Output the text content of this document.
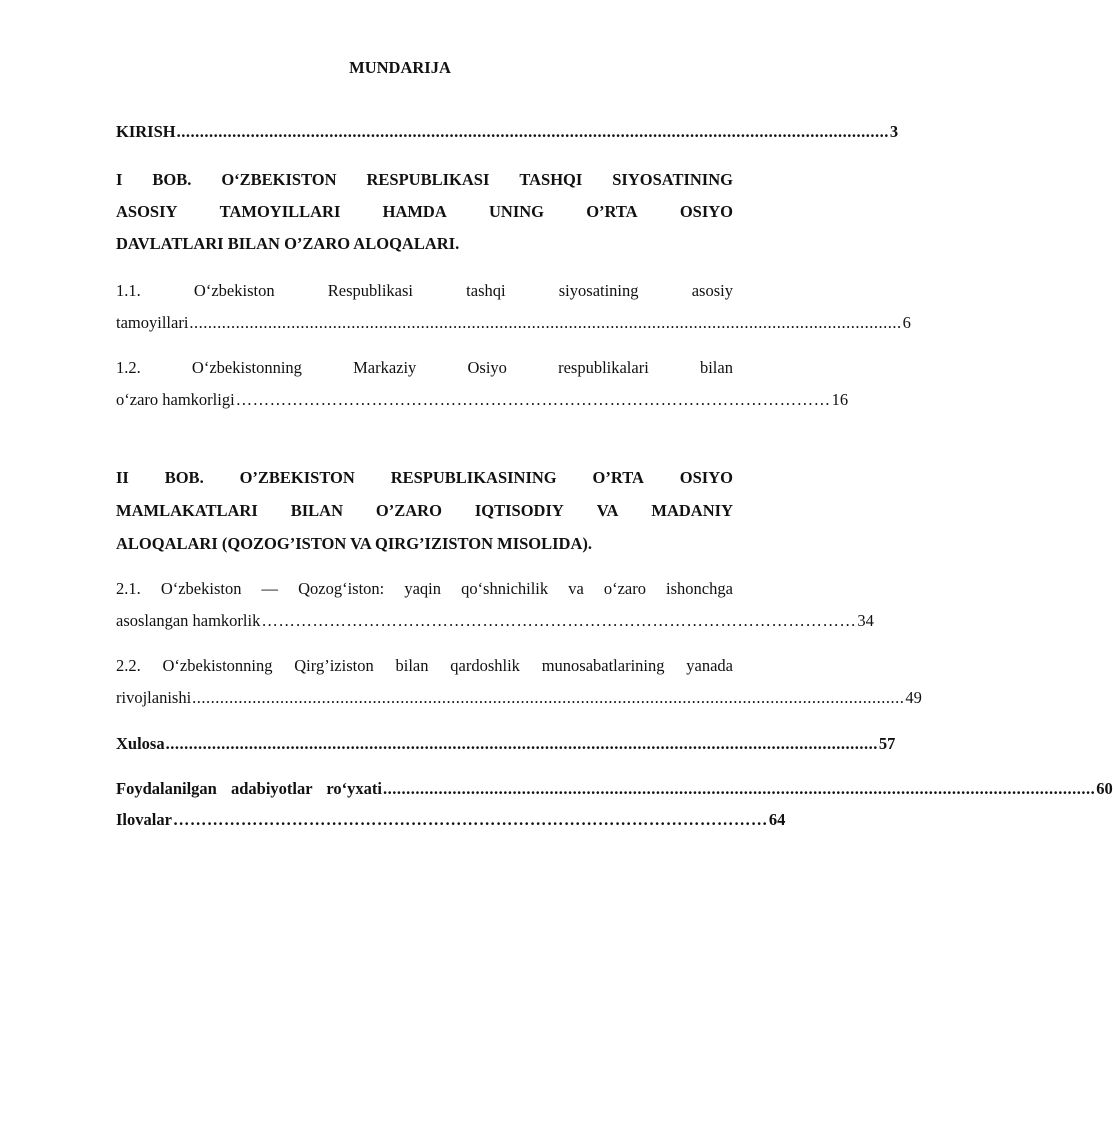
MUNDARIJA
KIRISH .......................................................................................................................................................... 3
I BOB. O‘ZBEKISTON RESPUBLIKASI TASHQI SIYOSATINING
ASOSIY	TAMOYILLARI	HAMDA	UNING	O’RTA	OSIYO
DAVLATLARI BILAN O’ZARO ALOQALARI.
1.1.	O‘zbekiston	Respublikasi	tashqi	siyosatining	asosiy
tamoyillari .......................................................................................................................................................... 6
1.2.	O‘zbekistonning	Markaziy	Osiyo	respublikalari	bilan
o‘zaro hamkorligi …………………………………………………………………………………………… 16
II BOB. O’ZBEKISTON RESPUBLIKASINING O’RTA OSIYO
MAMLAKATLARI BILAN O’ZARO IQTISODIY VA MADANIY
ALOQALARI (QOZOG’ISTON VA QIRG’IZISTON MISOLIDA).
2.1. O‘zbekiston — Qozog‘iston: yaqin qo‘shnichilik va o‘zaro ishonchga
asoslangan hamkorlik …………………………………………………………………………………………… 34
2.2. O‘zbekistonning Qirg’iziston bilan qardoshlik munosabatlarining yanada
rivojlanishi .......................................................................................................................................................... 49
Xulosa .......................................................................................................................................................... 57
Foydalanilgan adabiyotlar ro‘yxati .......................................................................................................................................................... 60
Ilovalar …………………………………………………………………………………………… 64
